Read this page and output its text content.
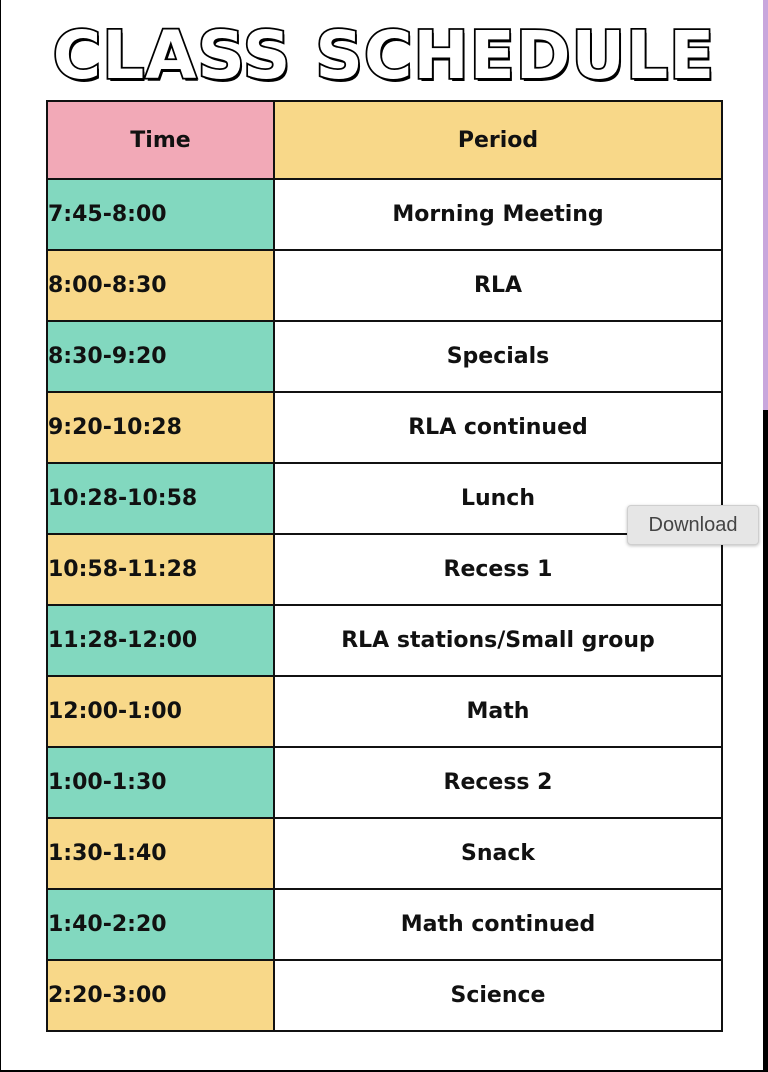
CLASS SCHEDULE
Time	Period
7:45-8:00	Morning Meeting
8:00-8:30	RLA
8:30-9:20	Specials
9:20-10:28	RLA continued
10:28-10:58	Lunch
10:58-11:28	Recess 1
11:28-12:00	RLA stations/Small group
12:00-1:00	Math
1:00-1:30	Recess 2
1:30-1:40	Snack
1:40-2:20	Math continued
2:20-3:00	Science
Download
